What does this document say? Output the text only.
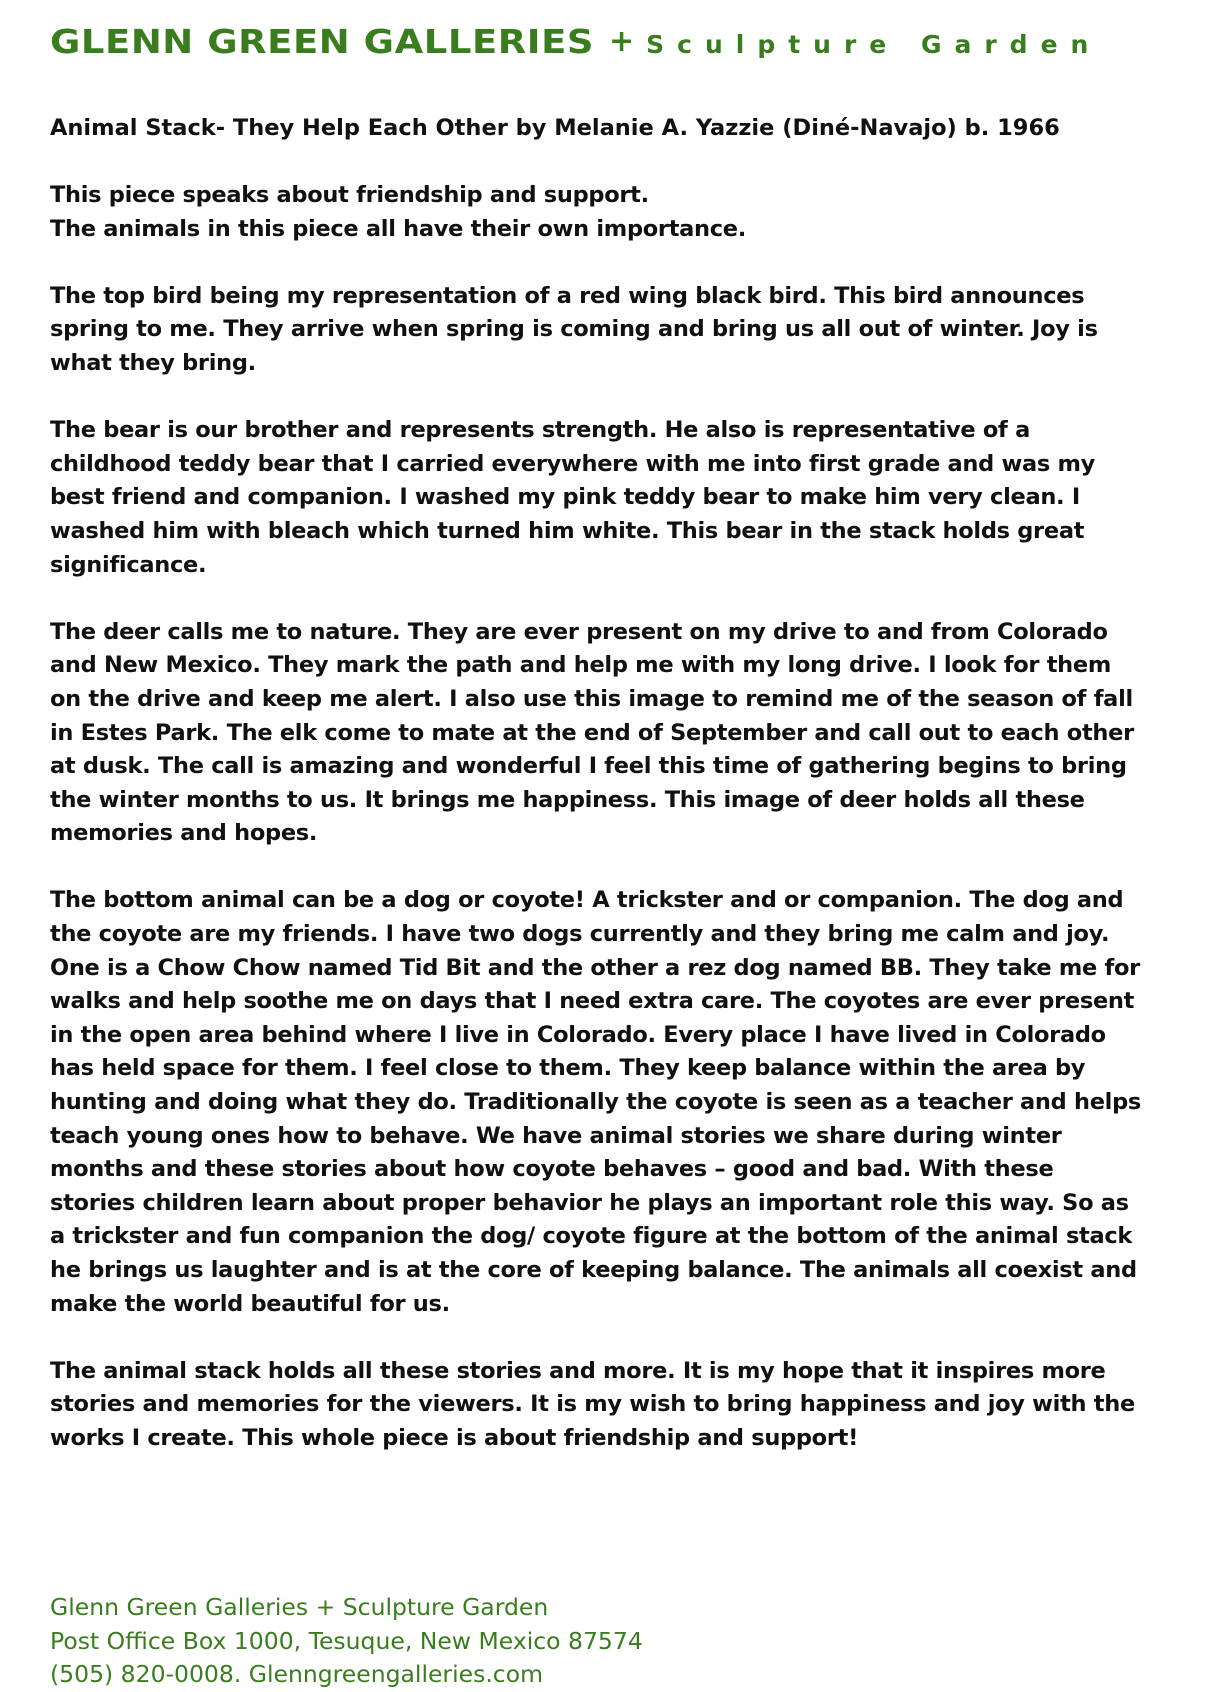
GLENN GREEN GALLERIES + Sculpture Garden
Animal Stack- They Help Each Other by Melanie A. Yazzie (Diné-Navajo) b. 1966
This piece speaks about friendship and support.
The animals in this piece all have their own importance.
The top bird being my representation of a red wing black bird. This bird announces
spring to me. They arrive when spring is coming and bring us all out of winter. Joy is
what they bring.
The bear is our brother and represents strength. He also is representative of a
childhood teddy bear that I carried everywhere with me into first grade and was my
best friend and companion. I washed my pink teddy bear to make him very clean. I
washed him with bleach which turned him white. This bear in the stack holds great
significance.
The deer calls me to nature. They are ever present on my drive to and from Colorado
and New Mexico. They mark the path and help me with my long drive. I look for them
on the drive and keep me alert. I also use this image to remind me of the season of fall
in Estes Park. The elk come to mate at the end of September and call out to each other
at dusk. The call is amazing and wonderful I feel this time of gathering begins to bring
the winter months to us. It brings me happiness. This image of deer holds all these
memories and hopes.
The bottom animal can be a dog or coyote! A trickster and or companion. The dog and
the coyote are my friends. I have two dogs currently and they bring me calm and joy.
One is a Chow Chow named Tid Bit and the other a rez dog named BB. They take me for
walks and help soothe me on days that I need extra care. The coyotes are ever present
in the open area behind where I live in Colorado. Every place I have lived in Colorado
has held space for them. I feel close to them. They keep balance within the area by
hunting and doing what they do. Traditionally the coyote is seen as a teacher and helps
teach young ones how to behave. We have animal stories we share during winter
months and these stories about how coyote behaves – good and bad. With these
stories children learn about proper behavior he plays an important role this way. So as
a trickster and fun companion the dog/ coyote figure at the bottom of the animal stack
he brings us laughter and is at the core of keeping balance. The animals all coexist and
make the world beautiful for us.
The animal stack holds all these stories and more. It is my hope that it inspires more
stories and memories for the viewers. It is my wish to bring happiness and joy with the
works I create. This whole piece is about friendship and support!
Glenn Green Galleries + Sculpture Garden
Post Office Box 1000, Tesuque, New Mexico 87574
(505) 820-0008. Glenngreengalleries.com
